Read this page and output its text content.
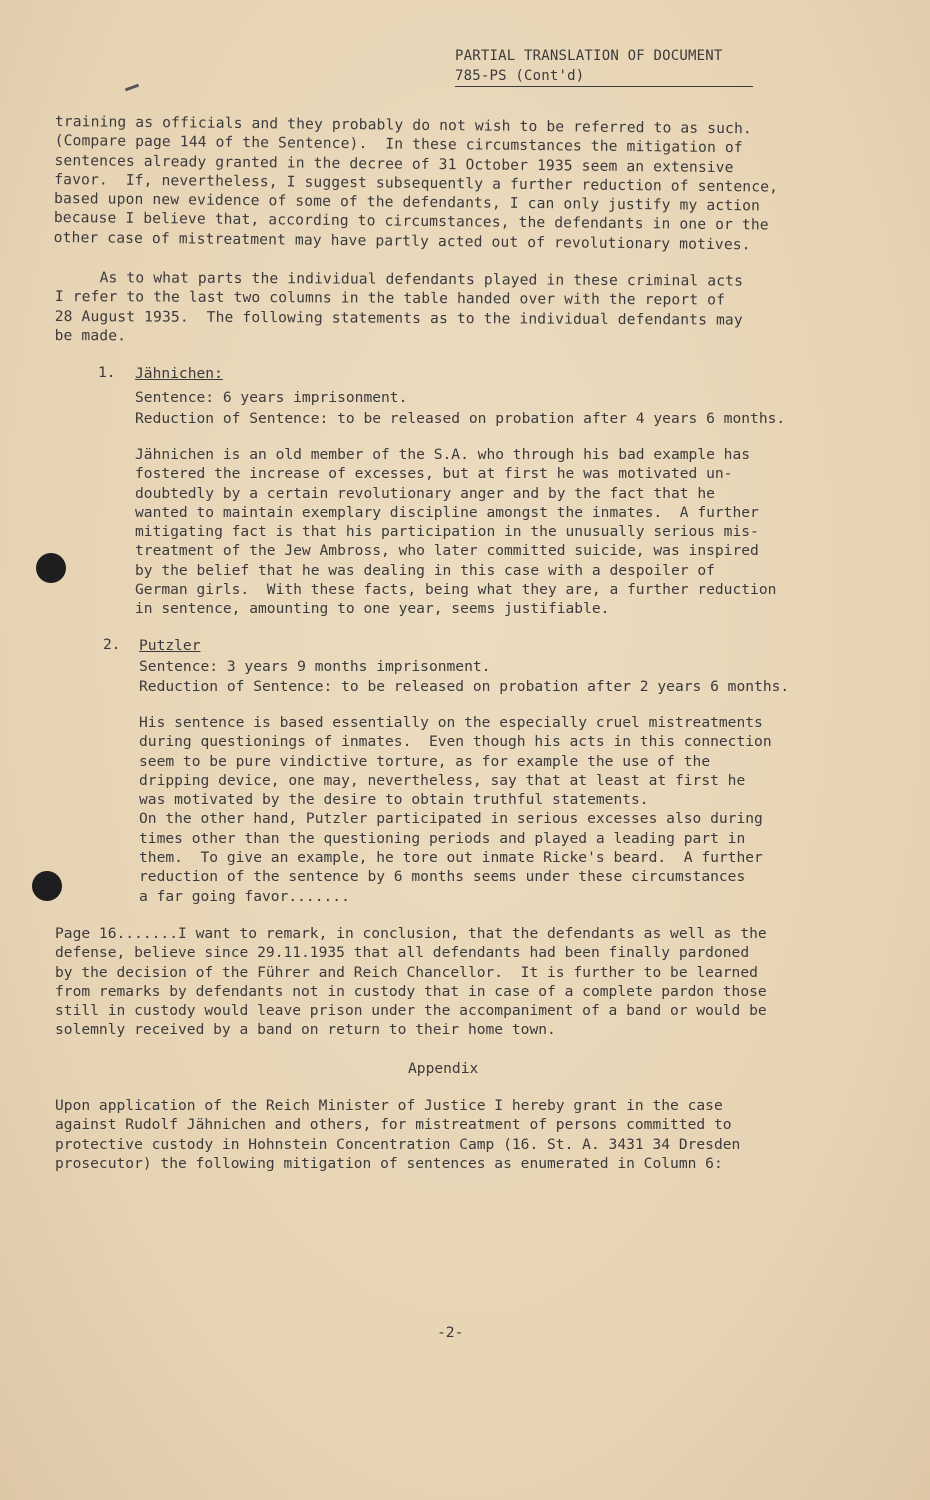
PARTIAL TRANSLATION OF DOCUMENT
785-PS (Cont'd)
training as officials and they probably do not wish to be referred to as such.
(Compare page 144 of the Sentence).  In these circumstances the mitigation of
sentences already granted in the decree of 31 October 1935 seem an extensive
favor.  If, nevertheless, I suggest subsequently a further reduction of sentence,
based upon new evidence of some of the defendants, I can only justify my action
because I believe that, according to circumstances, the defendants in one or the
other case of mistreatment may have partly acted out of revolutionary motives.
As to what parts the individual defendants played in these criminal acts
I refer to the last two columns in the table handed over with the report of
28 August 1935.  The following statements as to the individual defendants may
be made.
1. Jähnichen:
Sentence: 6 years imprisonment.
Reduction of Sentence: to be released on probation after 4 years 6 months.
Jähnichen is an old member of the S.A. who through his bad example has
fostered the increase of excesses, but at first he was motivated un-
doubtedly by a certain revolutionary anger and by the fact that he
wanted to maintain exemplary discipline amongst the inmates.  A further
mitigating fact is that his participation in the unusually serious mis-
treatment of the Jew Ambross, who later committed suicide, was inspired
by the belief that he was dealing in this case with a despoiler of
German girls.  With these facts, being what they are, a further reduction
in sentence, amounting to one year, seems justifiable.
2. Putzler
Sentence: 3 years 9 months imprisonment.
Reduction of Sentence: to be released on probation after 2 years 6 months.
His sentence is based essentially on the especially cruel mistreatments
during questionings of inmates.  Even though his acts in this connection
seem to be pure vindictive torture, as for example the use of the
dripping device, one may, nevertheless, say that at least at first he
was motivated by the desire to obtain truthful statements.
On the other hand, Putzler participated in serious excesses also during
times other than the questioning periods and played a leading part in
them.  To give an example, he tore out inmate Ricke's beard.  A further
reduction of the sentence by 6 months seems under these circumstances
a far going favor.......
Page 16.......I want to remark, in conclusion, that the defendants as well as the
defense, believe since 29.11.1935 that all defendants had been finally pardoned
by the decision of the Führer and Reich Chancellor.  It is further to be learned
from remarks by defendants not in custody that in case of a complete pardon those
still in custody would leave prison under the accompaniment of a band or would be
solemnly received by a band on return to their home town.
Appendix
Upon application of the Reich Minister of Justice I hereby grant in the case
against Rudolf Jähnichen and others, for mistreatment of persons committed to
protective custody in Hohnstein Concentration Camp (16. St. A. 3431 34 Dresden
prosecutor) the following mitigation of sentences as enumerated in Column 6:
-2-
